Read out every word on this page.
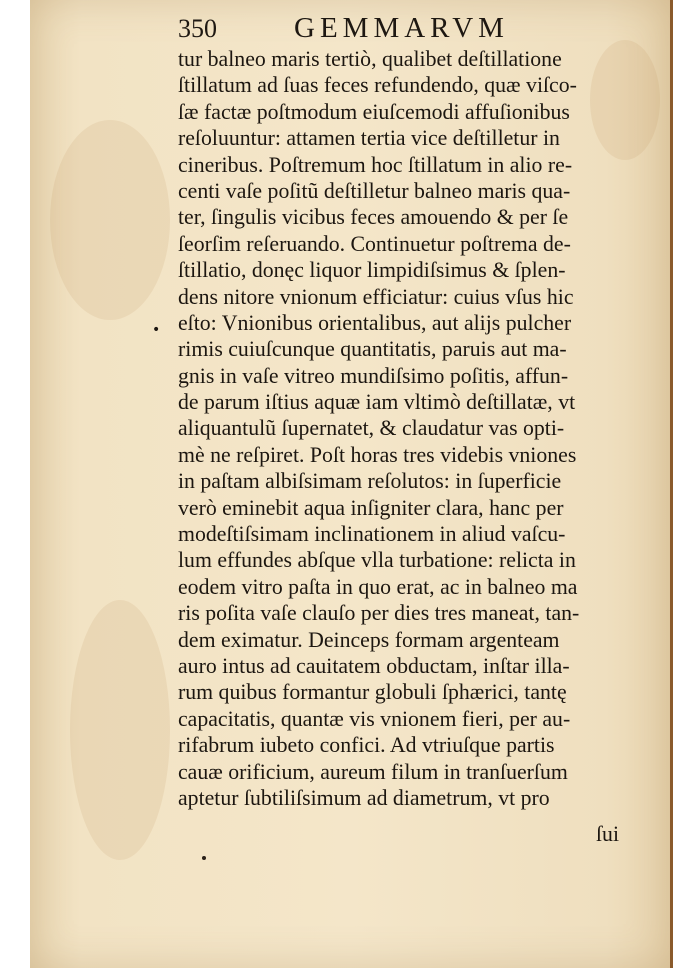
350	GEMMARVM
•
tur balneo maris tertiò, qualibet deſtillatione
ſtillatum ad ſuas feces refundendo, quæ viſco-
ſæ factæ poſtmodum eiuſcemodi affuſionibus
reſoluuntur: attamen tertia vice deſtilletur in
cineribus. Poſtremum hoc ſtillatum in alio re-
centi vaſe poſitũ deſtilletur balneo maris qua-
ter, ſingulis vicibus feces amouendo & per ſe
ſeorſim reſeruando. Continuetur poſtrema de-
ſtillatio, donęc liquor limpidiſsimus & ſplen-
dens nitore vnionum efficiatur: cuius vſus hic
eſto: Vnionibus orientalibus, aut alijs pulcher
rimis cuiuſcunque quantitatis, paruis aut ma-
gnis in vaſe vitreo mundiſsimo poſitis, affun-
de parum iſtius aquæ iam vltimò deſtillatæ, vt
aliquantulũ ſupernatet, & claudatur vas opti-
mè ne reſpiret. Poſt horas tres videbis vniones
in paſtam albiſsimam reſolutos: in ſuperficie
verò eminebit aqua inſigniter clara, hanc per
modeſtiſsimam inclinationem in aliud vaſcu-
lum effundes abſque vlla turbatione: relicta in
eodem vitro paſta in quo erat, ac in balneo ma
ris poſita vaſe clauſo per dies tres maneat, tan-
dem eximatur. Deinceps formam argenteam
auro intus ad cauitatem obductam, inſtar illa-
rum quibus formantur globuli ſphærici, tantę
capacitatis, quantæ vis vnionem fieri, per au-
rifabrum iubeto confici. Ad vtriuſque partis
cauæ orificium, aureum filum in tranſuerſum
aptetur ſubtiliſsimum ad diametrum, vt pro
ſui
